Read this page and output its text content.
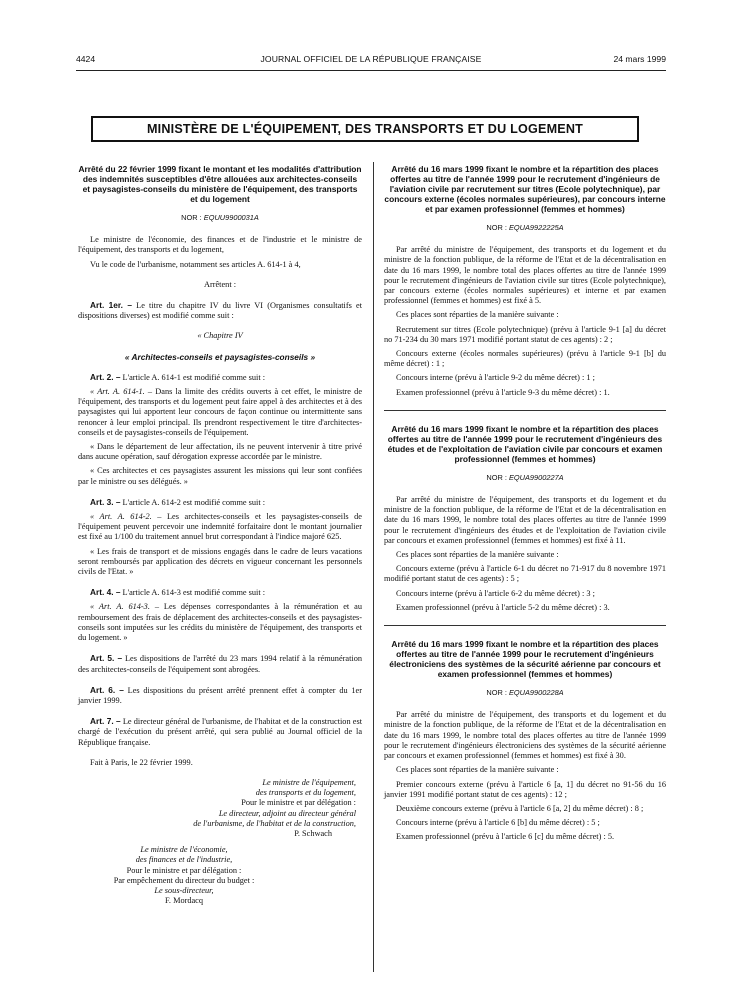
4424	JOURNAL OFFICIEL DE LA RÉPUBLIQUE FRANÇAISE	24 mars 1999
MINISTÈRE DE L'ÉQUIPEMENT, DES TRANSPORTS ET DU LOGEMENT
Arrêté du 22 février 1999 fixant le montant et les modalités d'attribution des indemnités susceptibles d'être allouées aux architectes-conseils et paysagistes-conseils du ministère de l'équipement, des transports et du logement
NOR : EQUU9900031A

Le ministre de l'économie, des finances et de l'industrie et le ministre de l'équipement, des transports et du logement,

Vu le code de l'urbanisme, notamment ses articles A. 614-1 à 4,

Arrêtent :

Art. 1er. – Le titre du chapitre IV du livre VI (Organismes consultatifs et dispositions diverses) est modifié comme suit :

« Chapitre IV

« Architectes-conseils et paysagistes-conseils »

Art. 2. – L'article A. 614-1 est modifié comme suit :

« Art. A. 614-1. – Dans la limite des crédits ouverts à cet effet, le ministre de l'équipement, des transports et du logement peut faire appel à des architectes et à des paysagistes qui lui apportent leur concours de façon continue ou intermittente sans renoncer à leur emploi principal. Ils prendront respectivement le titre d'architectes-conseils et de paysagistes-conseils de l'équipement.

« Dans le département de leur affectation, ils ne peuvent intervenir à titre privé dans aucune opération, sauf dérogation expresse accordée par le ministre.

« Ces architectes et ces paysagistes assurent les missions qui leur sont confiées par le ministre ou ses délégués. »

Art. 3. – L'article A. 614-2 est modifié comme suit :

« Art. A. 614-2. – Les architectes-conseils et les paysagistes-conseils de l'équipement peuvent percevoir une indemnité forfaitaire dont le montant journalier est fixé au 1/100 du traitement annuel brut correspondant à l'indice majoré 625.

« Les frais de transport et de missions engagés dans le cadre de leurs vacations seront remboursés par application des décrets en vigueur concernant les personnels civils de l'Etat. »

Art. 4. – L'article A. 614-3 est modifié comme suit :

« Art. A. 614-3. – Les dépenses correspondantes à la rémunération et au remboursement des frais de déplacement des architectes-conseils et des paysagistes-conseils sont imputées sur les crédits du ministère de l'équipement, des transports et du logement. »

Art. 5. – Les dispositions de l'arrêté du 23 mars 1994 relatif à la rémunération des architectes-conseils de l'équipement sont abrogées.

Art. 6. – Les dispositions du présent arrêté prennent effet à compter du 1er janvier 1999.

Art. 7. – Le directeur général de l'urbanisme, de l'habitat et de la construction est chargé de l'exécution du présent arrêté, qui sera publié au Journal officiel de la République française.

Fait à Paris, le 22 février 1999.

Le ministre de l'équipement,

des transports et du logement,

Pour le ministre et par délégation :

Le directeur, adjoint au directeur général

de l'urbanisme, de l'habitat et de la construction,

P. Schwach

Le ministre de l'économie,

des finances et de l'industrie,

Pour le ministre et par délégation :

Par empêchement du directeur du budget :

Le sous-directeur,

F. Mordacq

Arrêté du 16 mars 1999 fixant le nombre et la répartition des places offertes au titre de l'année 1999 pour le recrutement d'ingénieurs de l'aviation civile par recrutement sur titres (Ecole polytechnique), par concours externe (écoles normales supérieures), par concours interne et par examen professionnel (femmes et hommes)
NOR : EQUA9922225A

Par arrêté du ministre de l'équipement, des transports et du logement et du ministre de la fonction publique, de la réforme de l'Etat et de la décentralisation en date du 16 mars 1999, le nombre total des places offertes au titre de l'année 1999 pour le recrutement d'ingénieurs de l'aviation civile sur titres (Ecole polytechnique), par concours externe (écoles normales supérieures) et interne et par examen professionnel (femmes et hommes) est fixé à 5.

Ces places sont réparties de la manière suivante :

Recrutement sur titres (Ecole polytechnique) (prévu à l'article 9-1 [a] du décret no 71-234 du 30 mars 1971 modifié portant statut de ces agents) : 2 ;

Concours externe (écoles normales supérieures) (prévu à l'article 9-1 [b] du même décret) : 1 ;

Concours interne (prévu à l'article 9-2 du même décret) : 1 ;

Examen professionnel (prévu à l'article 9-3 du même décret) : 1.

Arrêté du 16 mars 1999 fixant le nombre et la répartition des places offertes au titre de l'année 1999 pour le recrutement d'ingénieurs des études et de l'exploitation de l'aviation civile par concours et examen professionnel (femmes et hommes)
NOR : EQUA9900227A

Par arrêté du ministre de l'équipement, des transports et du logement et du ministre de la fonction publique, de la réforme de l'Etat et de la décentralisation en date du 16 mars 1999, le nombre total des places offertes au titre de l'année 1999 pour le recrutement d'ingénieurs des études et de l'exploitation de l'aviation civile par concours et examen professionnel (femmes et hommes) est fixé à 11.

Ces places sont réparties de la manière suivante :

Concours externe (prévu à l'article 6-1 du décret no 71-917 du 8 novembre 1971 modifié portant statut de ces agents) : 5 ;

Concours interne (prévu à l'article 6-2 du même décret) : 3 ;

Examen professionnel (prévu à l'article 5-2 du même décret) : 3.

Arrêté du 16 mars 1999 fixant le nombre et la répartition des places offertes au titre de l'année 1999 pour le recrutement d'ingénieurs électroniciens des systèmes de la sécurité aérienne par concours et examen professionnel (femmes et hommes)
NOR : EQUA9900228A

Par arrêté du ministre de l'équipement, des transports et du logement et du ministre de la fonction publique, de la réforme de l'Etat et de la décentralisation en date du 16 mars 1999, le nombre total des places offertes au titre de l'année 1999 pour le recrutement d'ingénieurs électroniciens des systèmes de la sécurité aérienne par concours et examen professionnel (femmes et hommes) est fixé à 30.

Ces places sont réparties de la manière suivante :

Premier concours externe (prévu à l'article 6 [a, 1] du décret no 91-56 du 16 janvier 1991 modifié portant statut de ces agents) : 12 ;

Deuxième concours externe (prévu à l'article 6 [a, 2] du même décret) : 8 ;

Concours interne (prévu à l'article 6 [b] du même décret) : 5 ;

Examen professionnel (prévu à l'article 6 [c] du même décret) : 5.
